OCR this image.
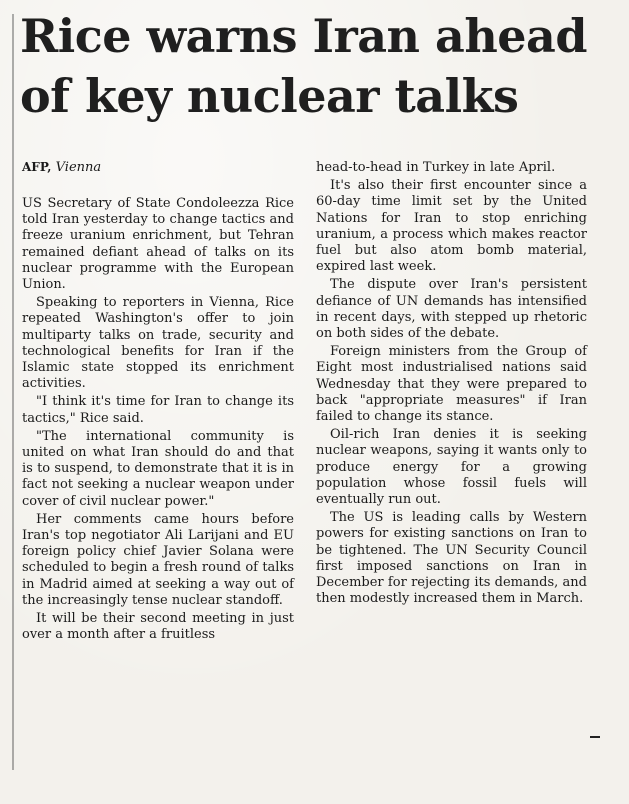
Rice warns Iran ahead
of key nuclear talks
AFP, Vienna

US Secretary of State Condoleezza Rice told Iran yesterday to change tactics and freeze uranium enrichment, but Tehran remained defiant ahead of talks on its nuclear programme with the European Union.

Speaking to reporters in Vienna, Rice repeated Washington's offer to join multiparty talks on trade, security and technological benefits for Iran if the Islamic state stopped its enrichment activities.

"I think it's time for Iran to change its tactics," Rice said.

"The international community is united on what Iran should do and that is to suspend, to demonstrate that it is in fact not seeking a nuclear weapon under cover of civil nuclear power."

Her comments came hours before Iran's top negotiator Ali Larijani and EU foreign policy chief Javier Solana were scheduled to begin a fresh round of talks in Madrid aimed at seeking a way out of the increasingly tense nuclear standoff.

It will be their second meeting in just over a month after a fruitless

head-to-head in Turkey in late April.

It's also their first encounter since a 60-day time limit set by the United Nations for Iran to stop enriching uranium, a process which makes reactor fuel but also atom bomb material, expired last week.

The dispute over Iran's persistent defiance of UN demands has intensified in recent days, with stepped up rhetoric on both sides of the debate.

Foreign ministers from the Group of Eight most industrialised nations said Wednesday that they were prepared to back "appropriate measures" if Iran failed to change its stance.

Oil-rich Iran denies it is seeking nuclear weapons, saying it wants only to produce energy for a growing population whose fossil fuels will eventually run out.

The US is leading calls by Western powers for existing sanctions on Iran to be tightened. The UN Security Council first imposed sanctions on Iran in December for rejecting its demands, and then modestly increased them in March.
